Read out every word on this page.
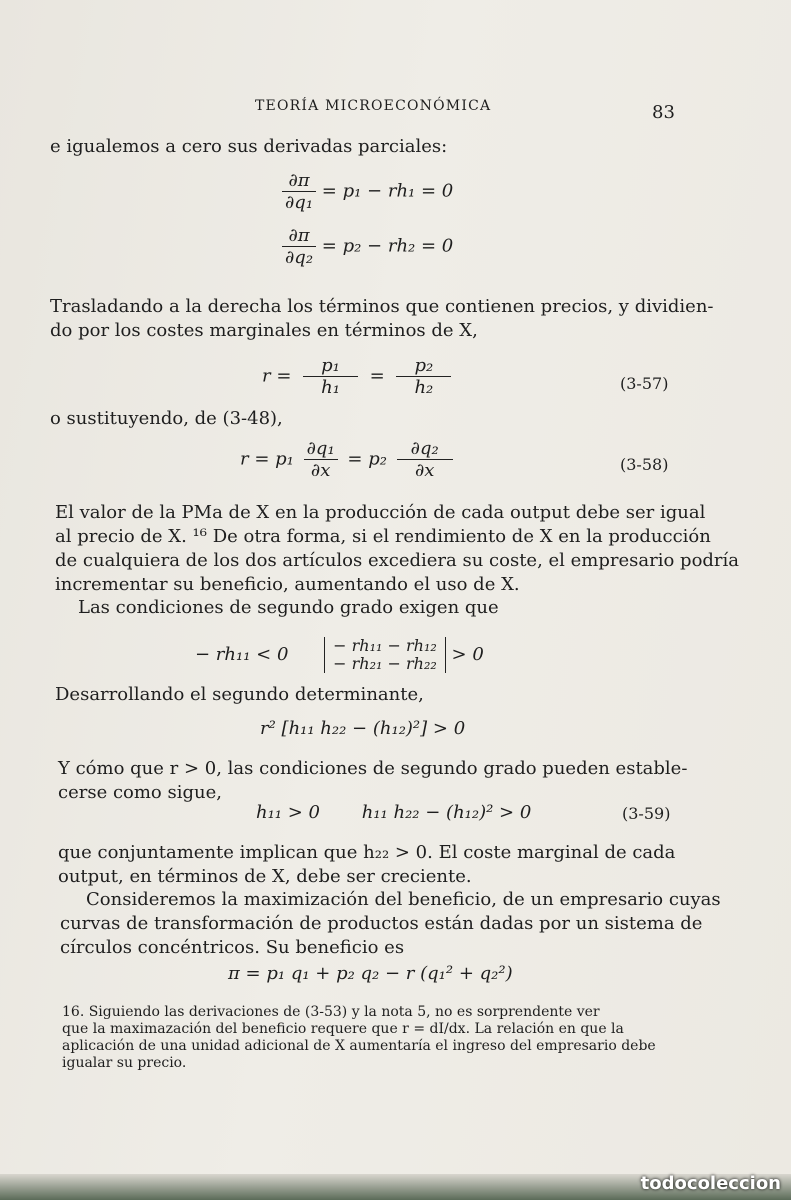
TEORÍA MICROECONÓMICA	83
e igualemos a cero sus derivadas parciales:
$\frac{\partial\pi}{\text{∂q₁}} = p_1 - rh_1 = 0$
$\frac{\partial\pi}{\text{∂q₂}} = p_2 - rh_2 = 0$
Trasladando a la derecha los términos que contienen precios, y dividien-
do por los costes marginales en términos de X,
$r = \frac{\text{p₁}}{\text{h₁}} = \frac{\text{p₂}}{\text{h₂}}$	(3-57)
o sustituyendo, de (3-48),
$r = p_1 \frac{\text{∂q₁}}{\partial x} = p_2 \frac{\text{∂q₂}}{\partial x}$	(3-58)
El valor de la PMa de X en la producción de cada output debe ser igual
al precio de X. ¹⁶ De otra forma, si el rendimiento de X en la producción
de cualquiera de los dos artículos excediera su coste, el empresario podría
incrementar su beneficio, aumentando el uso de X.
Las condiciones de segundo grado exigen que
− rh₁₁ < 0	− rh₁₁ − rh₁₂
− rh₂₁ − rh₂₂ > 0
Desarrollando el segundo determinante,
r² [h₁₁ h₂₂ − (h₁₂)²] > 0
Y cómo que r > 0, las condiciones de segundo grado pueden estable-
cerse como sigue,
h₁₁ > 0 h₁₁ h₂₂ − (h₁₂)² > 0	(3-59)
que conjuntamente implican que h₂₂ > 0. El coste marginal de cada
output, en términos de X, debe ser creciente.
Consideremos la maximización del beneficio, de un empresario cuyas
curvas de transformación de productos están dadas por un sistema de
círculos concéntricos. Su beneficio es
π = p₁ q₁ + p₂ q₂ − r (q₁² + q₂²)
16. Siguiendo las derivaciones de (3-53) y la nota 5, no es sorprendente ver
que la maximazación del beneficio requere que r = dI/dx. La relación en que la
aplicación de una unidad adicional de X aumentaría el ingreso del empresario debe
igualar su precio.
todocoleccion
